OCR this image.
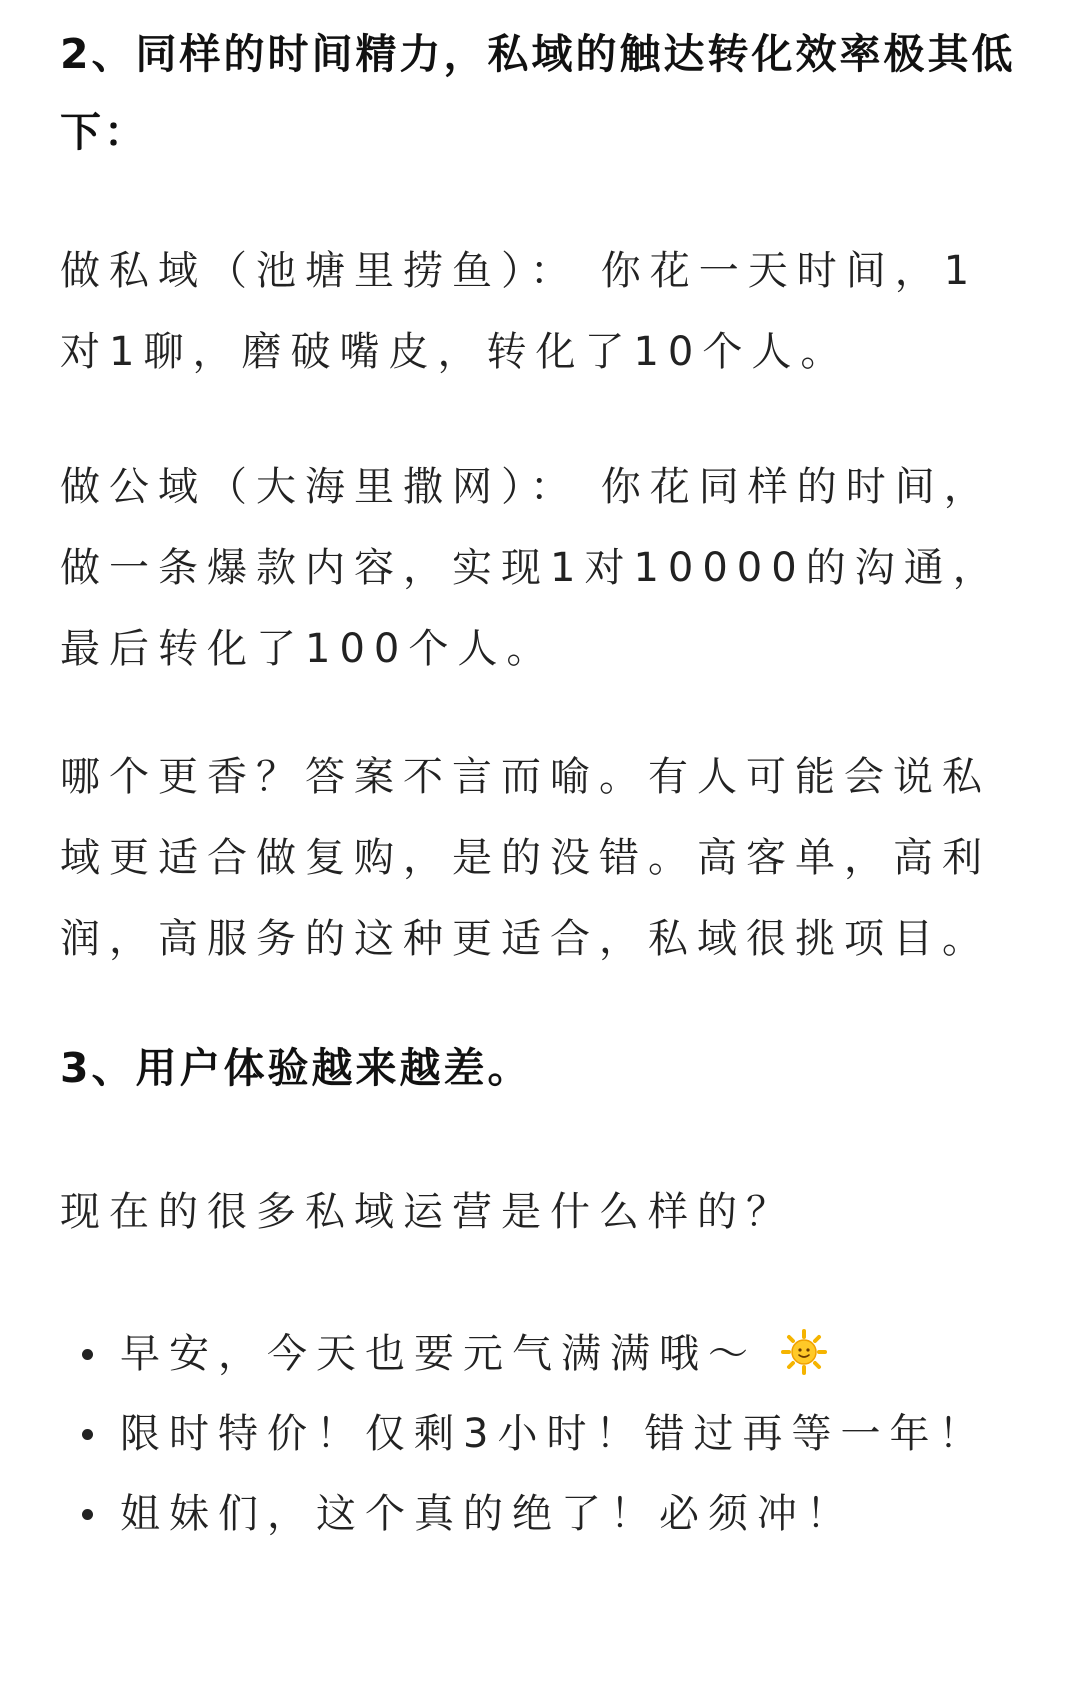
2、同样的时间精力，私域的触达转化效率极其低下：

做私域（池塘里捞鱼）： 你花一天时间，1对1聊，磨破嘴皮，转化了10个人。

做公域（大海里撒网）： 你花同样的时间，做一条爆款内容，实现1对10000的沟通，最后转化了100个人。

哪个更香？答案不言而喻。有人可能会说私域更适合做复购，是的没错。高客单，高利润，高服务的这种更适合，私域很挑项目。

3、用户体验越来越差。

现在的很多私域运营是什么样的？

早安，今天也要元气满满哦～
限时特价！仅剩3小时！错过再等一年！
姐妹们，这个真的绝了！必须冲！
